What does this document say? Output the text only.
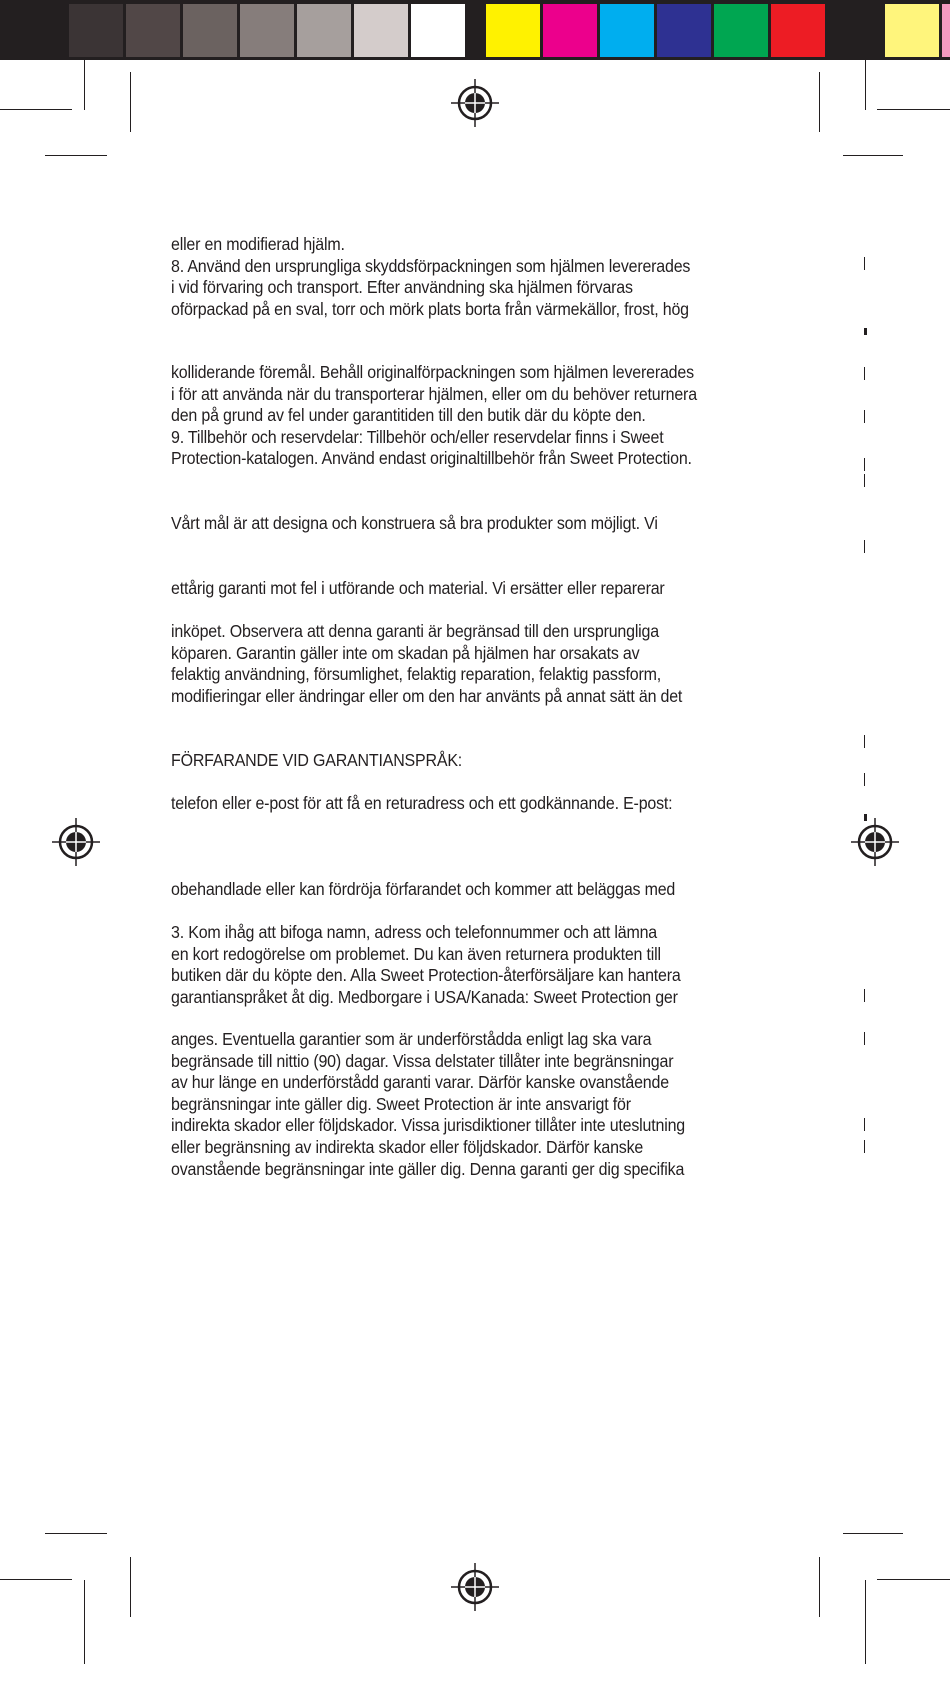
eller en modifierad hjälm.
8. Använd den ursprungliga skyddsförpackningen som hjälmen levererades
i vid förvaring och transport. Efter användning ska hjälmen förvaras
oförpackad på en sval, torr och mörk plats borta från värmekällor, frost, hög
kolliderande föremål. Behåll originalförpackningen som hjälmen levererades
i för att använda när du transporterar hjälmen, eller om du behöver returnera
den på grund av fel under garantitiden till den butik där du köpte den.
9. Tillbehör och reservdelar: Tillbehör och/eller reservdelar finns i Sweet
Protection-katalogen. Använd endast originaltillbehör från Sweet Protection.
Vårt mål är att designa och konstruera så bra produkter som möjligt. Vi
ettårig garanti mot fel i utförande och material. Vi ersätter eller reparerar
inköpet. Observera att denna garanti är begränsad till den ursprungliga
köparen. Garantin gäller inte om skadan på hjälmen har orsakats av
felaktig användning, försumlighet, felaktig reparation, felaktig passform,
modifieringar eller ändringar eller om den har använts på annat sätt än det
FÖRFARANDE VID GARANTIANSPRÅK:
telefon eller e-post för att få en returadress och ett godkännande. E-post:
obehandlade eller kan fördröja förfarandet och kommer att beläggas med
3. Kom ihåg att bifoga namn, adress och telefonnummer och att lämna
en kort redogörelse om problemet. Du kan även returnera produkten till
butiken där du köpte den. Alla Sweet Protection-återförsäljare kan hantera
garantianspråket åt dig. Medborgare i USA/Kanada: Sweet Protection ger
anges. Eventuella garantier som är underförstådda enligt lag ska vara
begränsade till nittio (90) dagar. Vissa delstater tillåter inte begränsningar
av hur länge en underförstådd garanti varar. Därför kanske ovanstående
begränsningar inte gäller dig. Sweet Protection är inte ansvarigt för
indirekta skador eller följdskador. Vissa jurisdiktioner tillåter inte uteslutning
eller begränsning av indirekta skador eller följdskador. Därför kanske
ovanstående begränsningar inte gäller dig. Denna garanti ger dig specifika
